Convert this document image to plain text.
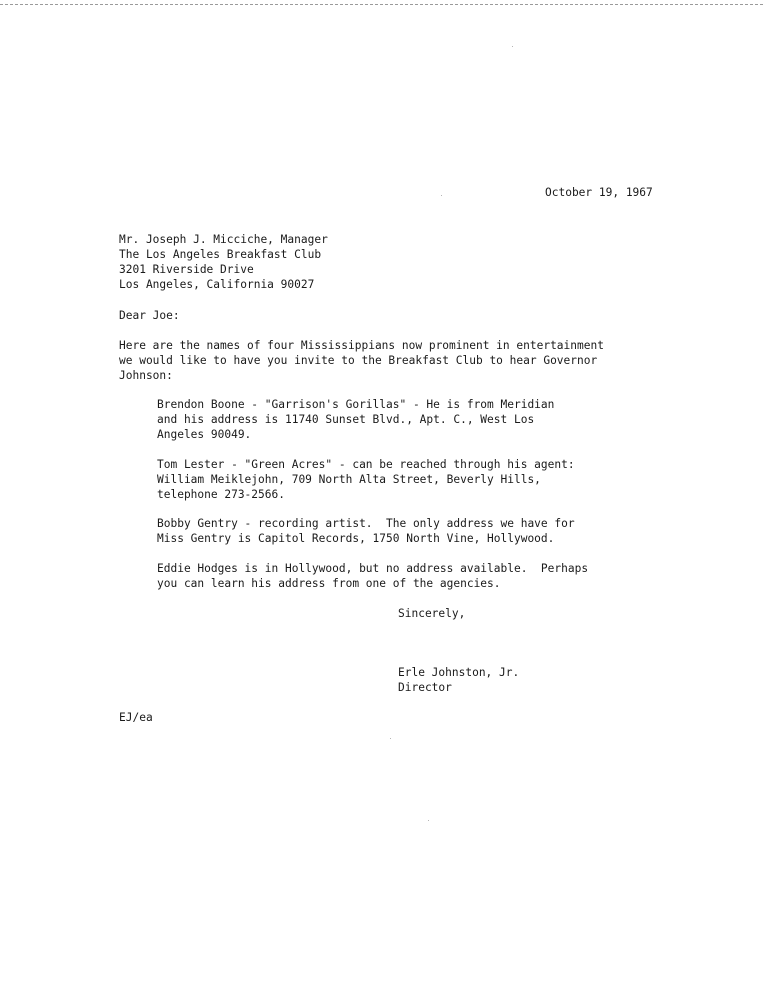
October 19, 1967
Mr. Joseph J. Micciche, Manager
The Los Angeles Breakfast Club
3201 Riverside Drive
Los Angeles, California 90027
Dear Joe:
Here are the names of four Mississippians now prominent in entertainment
we would like to have you invite to the Breakfast Club to hear Governor
Johnson:
Brendon Boone - "Garrison's Gorillas" - He is from Meridian
and his address is 11740 Sunset Blvd., Apt. C., West Los
Angeles 90049.
Tom Lester - "Green Acres" - can be reached through his agent:
William Meiklejohn, 709 North Alta Street, Beverly Hills,
telephone 273-2566.
Bobby Gentry - recording artist.  The only address we have for
Miss Gentry is Capitol Records, 1750 North Vine, Hollywood.
Eddie Hodges is in Hollywood, but no address available.  Perhaps
you can learn his address from one of the agencies.
Sincerely,
Erle Johnston, Jr.
Director
EJ/ea
